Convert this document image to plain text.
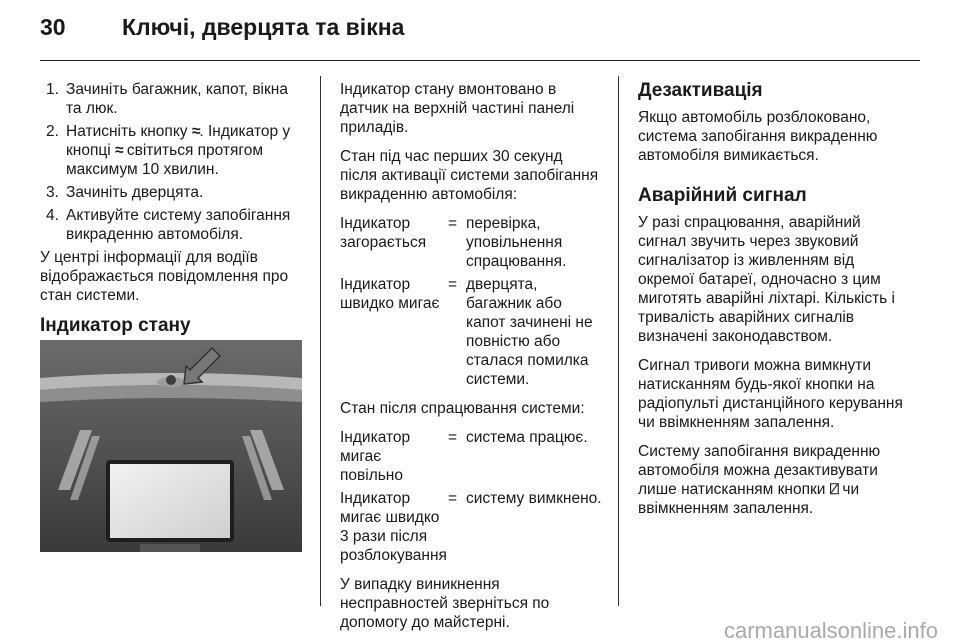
30 Ключі, дверцята та вікна
1. Зачиніть багажник, капот, вікна та люк.
2. Натисніть кнопку ≈. Індикатор у кнопці ≈ світиться протягом максимум 10 хвилин.
3. Зачиніть дверцята.
4. Активуйте систему запобігання викраденню автомобіля.

У центрі інформації для водіїв відображається повідомлення про стан системи.

Індикатор стану

Індикатор стану вмонтовано в датчик на верхній частині панелі приладів.

Стан під час перших 30 секунд після активації системи запобігання викраденню автомобіля:

Індикатор загорається
= перевірка, уповільнення спрацювання.
Індикатор швидко мигає
= дверцята, багажник або капот зачинені не повністю або сталася помилка системи.

Стан після спрацювання системи:

Індикатор мигає повільно
= система працює.
Індикатор мигає швидко 3 рази після розблокування
= систему вимкнено.

У випадку виникнення несправностей зверніться по допомогу до майстерні.

Дезактивація

Якщо автомобіль розблоковано, система запобігання викраденню автомобіля вимикається.

Аварійний сигнал

У разі спрацювання, аварійний сигнал звучить через звуковий сигналізатор із живленням від окремої батареї, одночасно з цим миготять аварійні ліхтарі. Кількість і тривалість аварійних сигналів визначені законодавством.

Сигнал тривоги можна вимкнути натисканням будь-якої кнопки на радіопульті дистанційного керування чи ввімкненням запалення.

Систему запобігання викраденню автомобіля можна дезактивувати лише натисканням кнопки ⍁ чи ввімкненням запалення.

carmanualsonline.info
